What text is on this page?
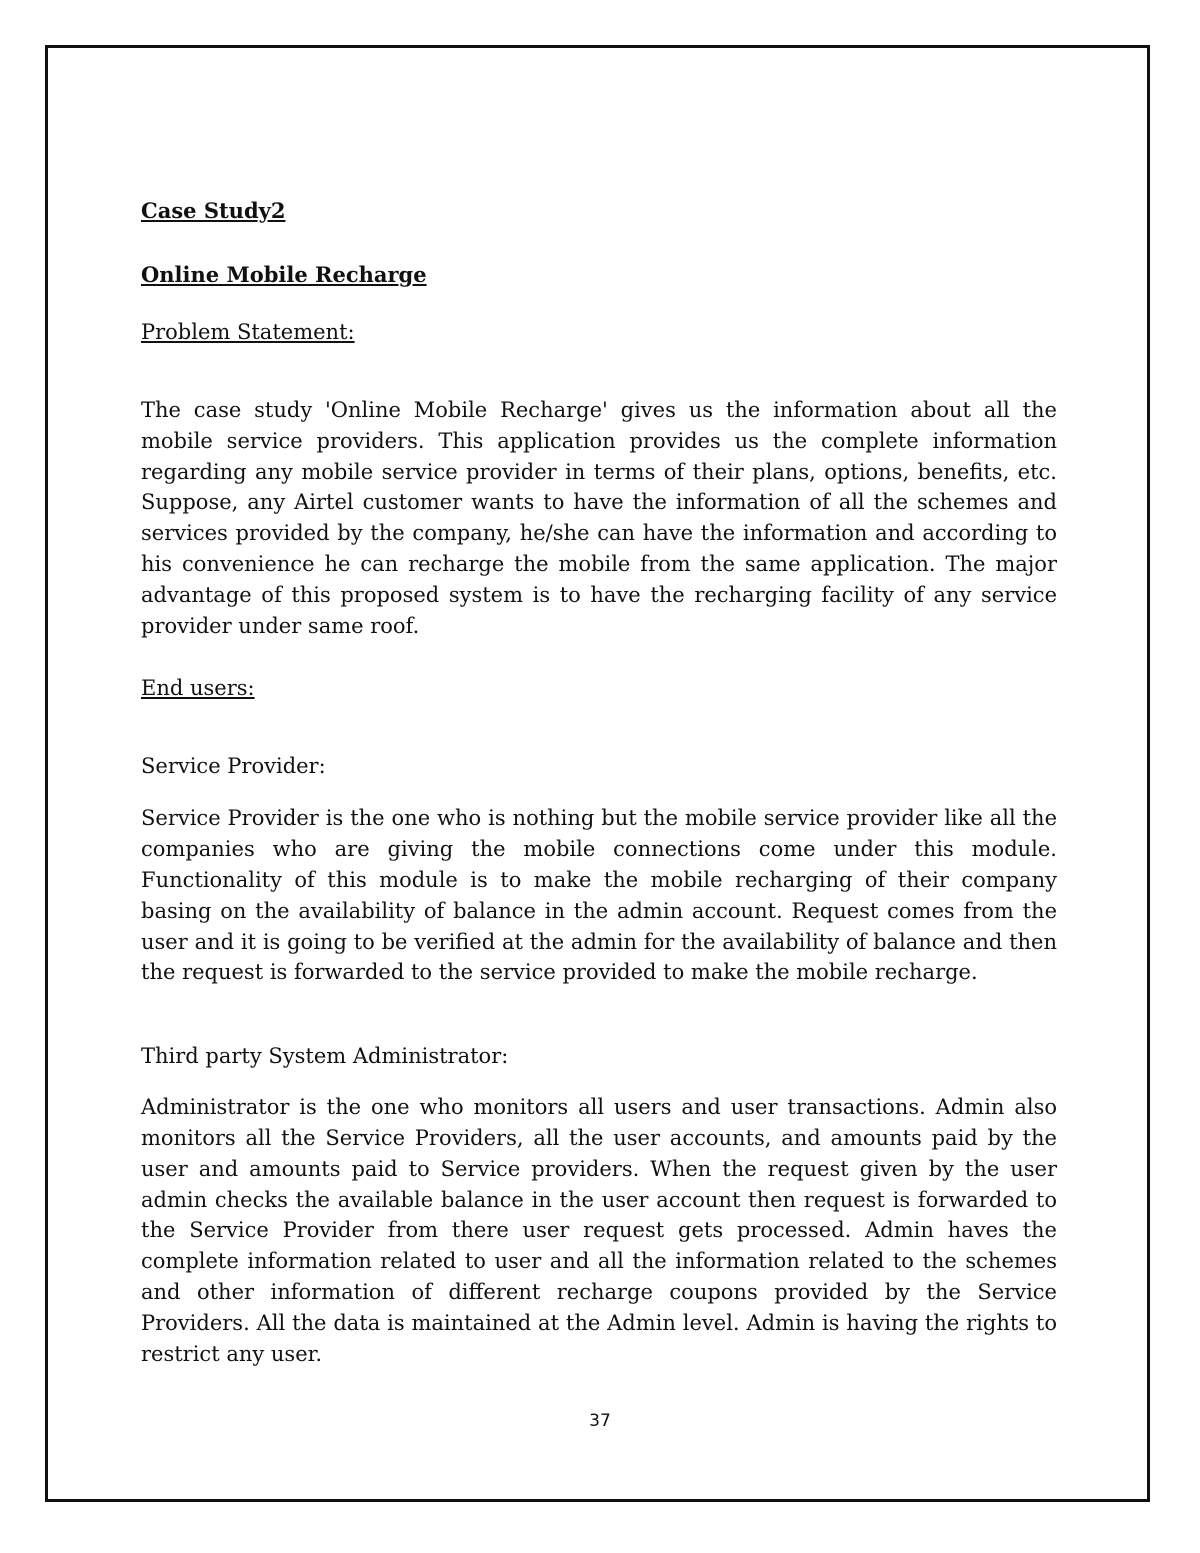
Case Study2

Online Mobile Recharge

Problem Statement:

The case study 'Online Mobile Recharge' gives us the information about all the mobile service providers. This application provides us the complete information regarding any mobile service provider in terms of their plans, options, benefits, etc. Suppose, any Airtel customer wants to have the information of all the schemes and services provided by the company, he/she can have the information and according to his convenience he can recharge the mobile from the same application. The major advantage of this proposed system is to have the recharging facility of any service provider under same roof.

End users:

Service Provider:

Service Provider is the one who is nothing but the mobile service provider like all the companies who are giving the mobile connections come under this module. Functionality of this module is to make the mobile recharging of their company basing on the availability of balance in the admin account. Request comes from the user and it is going to be verified at the admin for the availability of balance and then the request is forwarded to the service provided to make the mobile recharge.

Third party System Administrator:

Administrator is the one who monitors all users and user transactions. Admin also monitors all the Service Providers, all the user accounts, and amounts paid by the user and amounts paid to Service providers. When the request given by the user admin checks the available balance in the user account then request is forwarded to the Service Provider from there user request gets processed. Admin haves the complete information related to user and all the information related to the schemes and other information of different recharge coupons provided by the Service Providers. All the data is maintained at the Admin level. Admin is having the rights to restrict any user.

37
